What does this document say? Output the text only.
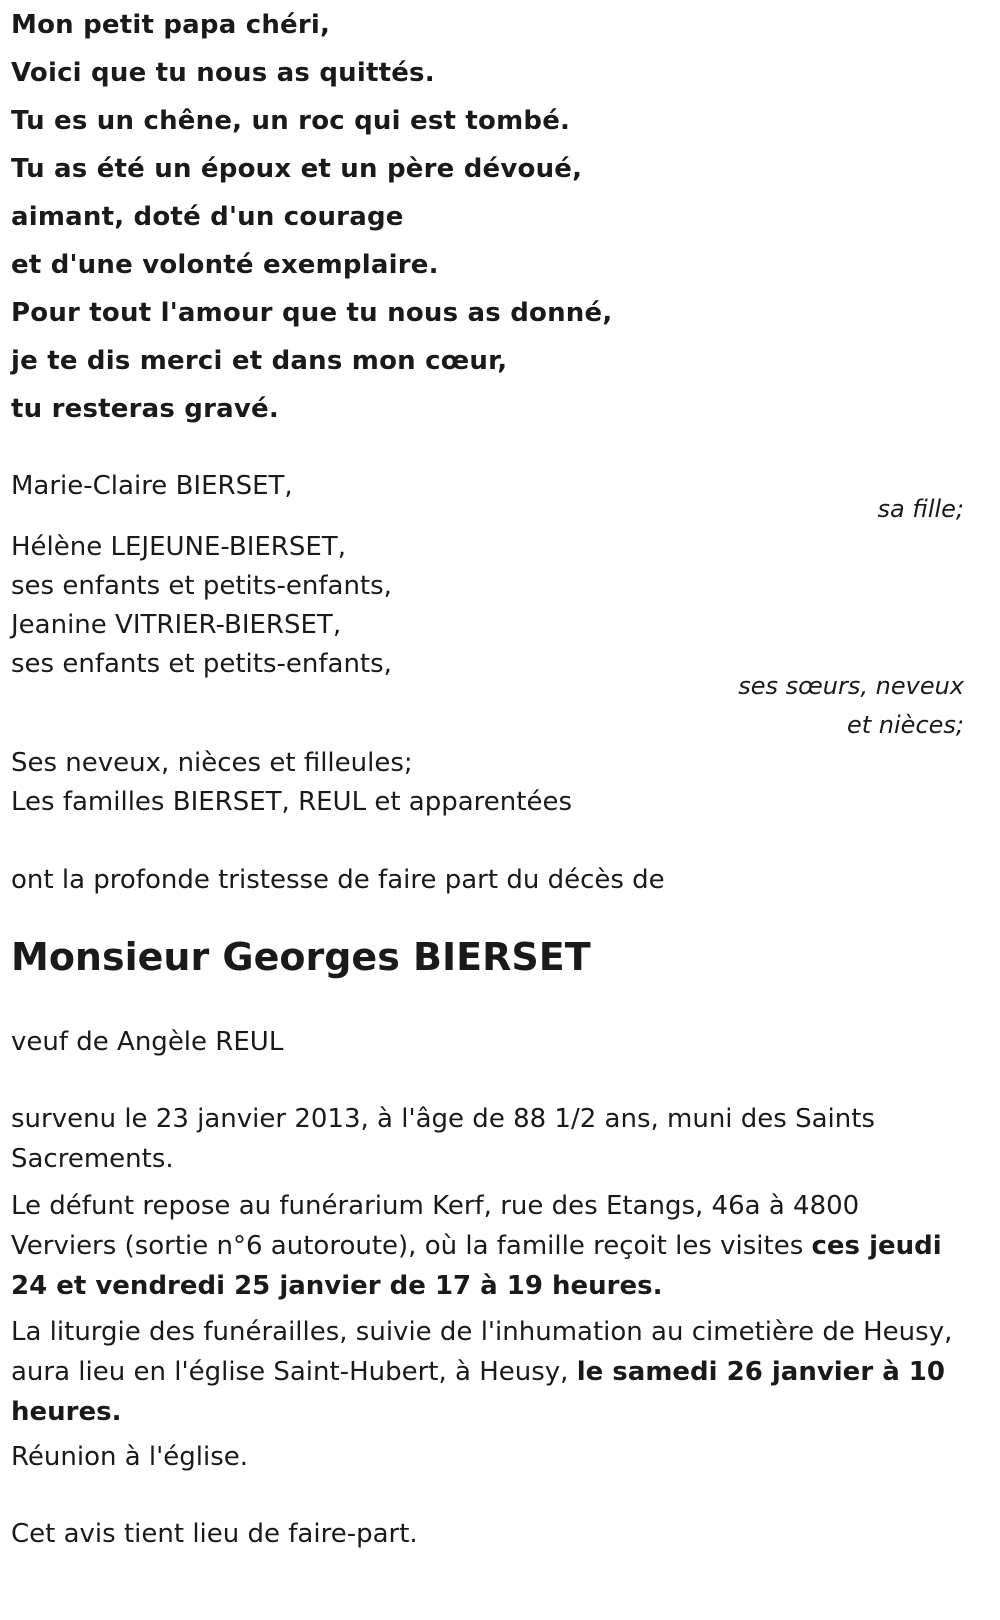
Mon petit papa chéri,
Voici que tu nous as quittés.
Tu es un chêne, un roc qui est tombé.
Tu as été un époux et un père dévoué,
aimant, doté d'un courage
et d'une volonté exemplaire.
Pour tout l'amour que tu nous as donné,
je te dis merci et dans mon cœur,
tu resteras gravé.
Marie-Claire BIERSET,
sa fille;
Hélène LEJEUNE-BIERSET,
ses enfants et petits-enfants,
Jeanine VITRIER-BIERSET,
ses enfants et petits-enfants,
ses sœurs, neveux
et nièces;
Ses neveux, nièces et filleules;
Les familles BIERSET, REUL et apparentées
ont la profonde tristesse de faire part du décès de
Monsieur Georges BIERSET
veuf de Angèle REUL
survenu le 23 janvier 2013, à l'âge de 88 1/2 ans, muni des Saints Sacrements.
Le défunt repose au funérarium Kerf, rue des Etangs, 46a à 4800 Verviers (sortie n°6 autoroute), où la famille reçoit les visites ces jeudi 24 et vendredi 25 janvier de 17 à 19 heures.
La liturgie des funérailles, suivie de l'inhumation au cimetière de Heusy, aura lieu en l'église Saint-Hubert, à Heusy, le samedi 26 janvier à 10 heures.
Réunion à l'église.
Cet avis tient lieu de faire-part.
